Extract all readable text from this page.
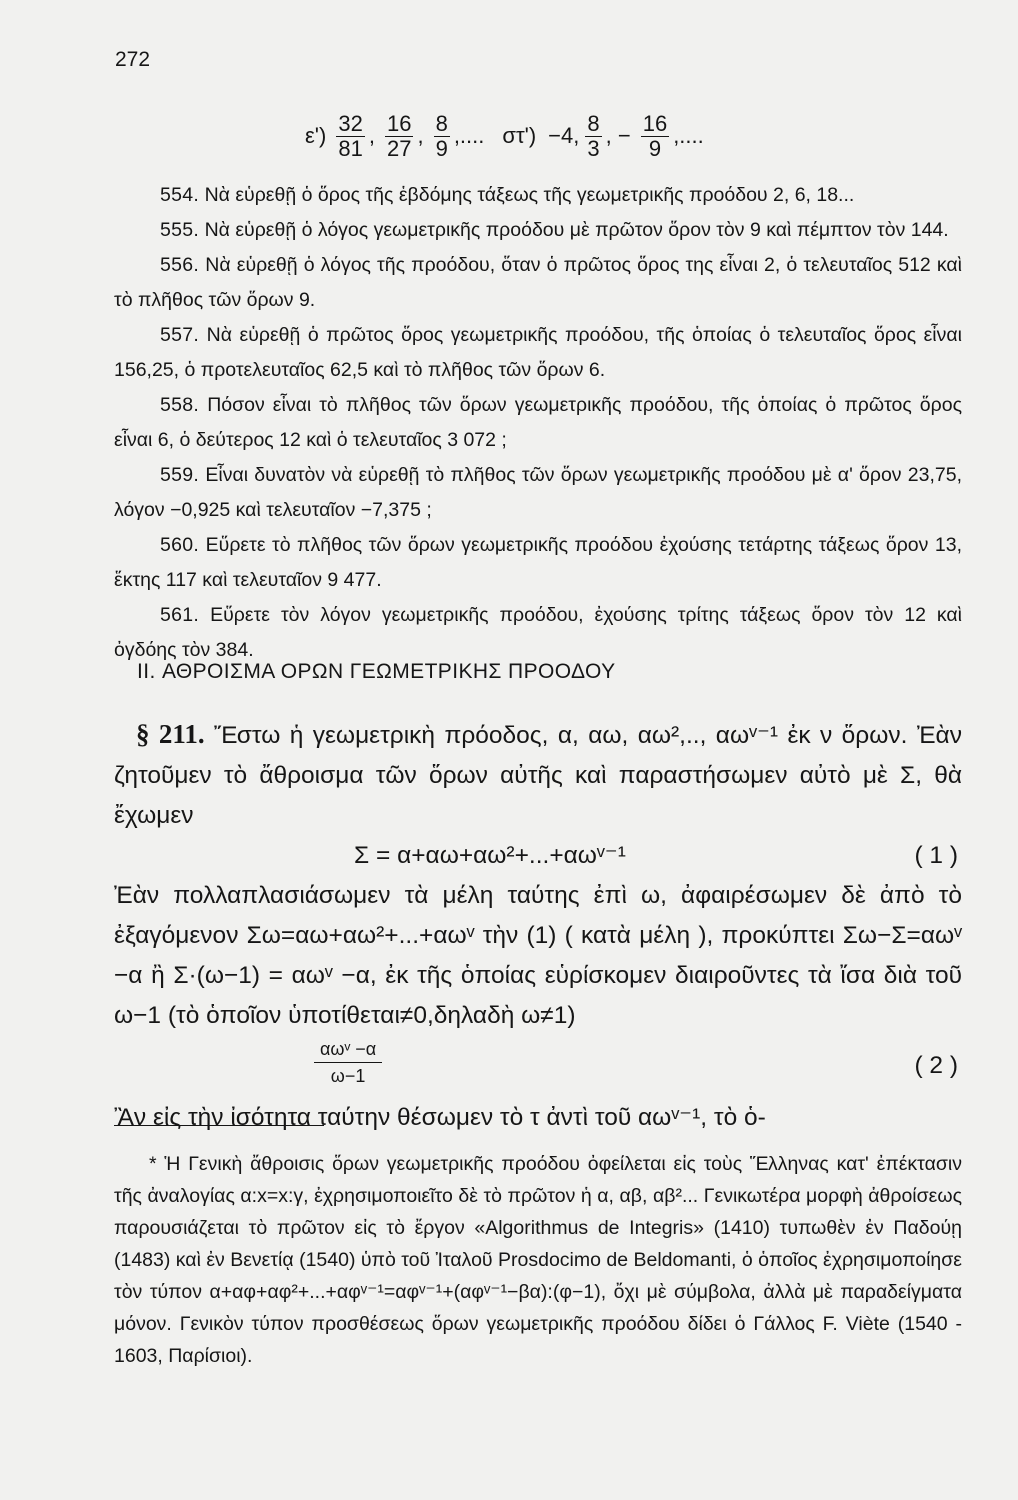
272
$\varepsilon') \frac{32}{81}$ , $\frac{16}{27}$ , $\frac{8}{9}$ ,.... στ') −4, $\frac{8}{3}$ , − $\frac{16}{9}$ ,....

554. Νὰ εὑρεθῇ ὁ ὅρος τῆς ἑβδόμης τάξεως τῆς γεωμετρικῆς προόδου 2, 6, 18...

555. Νὰ εὑρεθῇ ὁ λόγος γεωμετρικῆς προόδου μὲ πρῶτον ὅρον τὸν 9 καὶ πέμπτον τὸν 144.

556. Νὰ εὑρεθῇ ὁ λόγος τῆς προόδου, ὅταν ὁ πρῶτος ὅρος της εἶναι 2, ὁ τελευταῖος 512 καὶ τὸ πλῆθος τῶν ὅρων 9.

557. Νὰ εὑρεθῇ ὁ πρῶτος ὅρος γεωμετρικῆς προόδου, τῆς ὁποίας ὁ τελευταῖος ὅρος εἶναι 156,25, ὁ προτελευταῖος 62,5 καὶ τὸ πλῆθος τῶν ὅρων 6.

558. Πόσον εἶναι τὸ πλῆθος τῶν ὅρων γεωμετρικῆς προόδου, τῆς ὁποίας ὁ πρῶτος ὅρος εἶναι 6, ὁ δεύτερος 12 καὶ ὁ τελευταῖος 3 072 ;

559. Εἶναι δυνατὸν νὰ εὑρεθῇ τὸ πλῆθος τῶν ὅρων γεωμετρικῆς προόδου μὲ α' ὅρον 23,75, λόγον −0,925 καὶ τελευταῖον −7,375 ;

560. Εὕρετε τὸ πλῆθος τῶν ὅρων γεωμετρικῆς προόδου ἐχούσης τετάρτης τάξεως ὅρον 13, ἕκτης 117 καὶ τελευταῖον 9 477.

561. Εὕρετε τὸν λόγον γεωμετρικῆς προόδου, ἐχούσης τρίτης τάξεως ὅρον τὸν 12 καὶ ὀγδόης τὸν 384.

II. ΑΘΡΟΙΣΜΑ ΟΡΩΝ ΓΕΩΜΕΤΡΙΚΗΣ ΠΡΟΟΔΟΥ

§ 211. Ἔστω ἡ γεωμετρικὴ πρόοδος, α, αω, αω²,.., αωᵛ⁻¹ ἐκ ν ὅρων. Ἐὰν ζητοῦμεν τὸ ἄθροισμα τῶν ὅρων αὐτῆς καὶ παραστήσωμεν αὐτὸ μὲ Σ, θὰ ἔχωμεν

Σ = α+αω+αω²+...+αωᵛ⁻¹	( 1 )

Ἐὰν πολλαπλασιάσωμεν τὰ μέλη ταύτης ἐπὶ ω, ἀφαιρέσωμεν δὲ ἀπὸ τὸ ἐξαγόμενον Σω=αω+αω²+...+αωᵛ τὴν (1) ( κατὰ μέλη ), προκύπτει Σω−Σ=αωᵛ −α ἢ Σ·(ω−1) = αωᵛ −α, ἐκ τῆς ὁποίας εὑρίσκομεν διαιροῦντες τὰ ἴσα διὰ τοῦ ω−1 (τὸ ὁποῖον ὑποτίθεται≠0,δηλαδὴ ω≠1)

αωᵛ −α
ω−1	( 2 )

Ἂν εἰς τὴν ἰσότητα ταύτην θέσωμεν τὸ τ ἀντὶ τοῦ αωᵛ⁻¹, τὸ ὁ-

* Ἡ Γενικὴ ἄθροισις ὅρων γεωμετρικῆς προόδου ὀφείλεται εἰς τοὺς Ἕλληνας κατ' ἐπέκτασιν τῆς ἀναλογίας α:x=x:γ, ἐχρησιμοποιεῖτο δὲ τὸ πρῶτον ἡ α, αβ, αβ²... Γενικωτέρα μορφὴ ἀθροίσεως παρουσιάζεται τὸ πρῶτον εἰς τὸ ἔργον «Algorithmus de Integris» (1410) τυπωθὲν ἐν Παδούῃ (1483) καὶ ἐν Βενετίᾳ (1540) ὑπὸ τοῦ Ἰταλοῦ Prosdocimo de Beldomanti, ὁ ὁποῖος ἐχρησιμοποίησε τὸν τύπον α+αφ+αφ²+...+αφᵛ⁻¹=αφᵛ⁻¹+(αφᵛ⁻¹−βα):(φ−1), ὄχι μὲ σύμβολα, ἀλλὰ μὲ παραδείγματα μόνον. Γενικὸν τύπον προσθέσεως ὅρων γεωμετρικῆς προόδου δίδει ὁ Γάλλος F. Viète (1540 - 1603, Παρίσιοι).
